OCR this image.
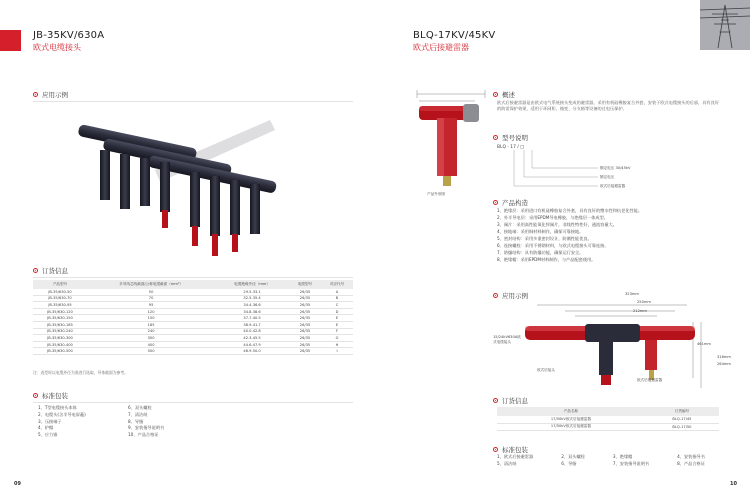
JB-35KV/630A
欧式电缆接头
应用示例
订货信息
产品型号	多导线芯线截面/公称电缆截面（mm²）	电缆绝缘外径（mm）	电缆型号	对应代号
JB-35/630-50	50	29.5-33.1	26/35	A
JB-35/630-70	70	32.5-35.4	26/35	B
JB-35/630-95	95	34.4-36.6	26/35	C
JB-35/630-120	120	34.8-38.6	26/35	D
JB-35/630-150	150	37.7-40.5	26/35	E
JB-35/630-185	185	38.9-41.7	26/35	E
JB-35/630-240	240	40.0-42.8	26/35	F
JB-35/630-300	300	42.3-45.5	26/35	G
JB-35/630-400	400	44.6-47.9	26/35	H
JB-35/630-500	500	46.9-50.0	26/35	I
注：选型时以电缆外径为准进行选取，导体截面为参考。
标准包装
1、T型电缆接头本体
2、电缆头(含半导电屏蔽)
3、压接端子
4、护帽
5、应力锥
6、双头螺栓
7、清洁纸
8、导脂
9、安装指导说明书
10、产品合格证
09
BLQ-17KV/45KV
欧式后接避雷器
产品外形图
概述
欧式后接避雷器是由欧式电气系统接头变成的避雷器，采用有机硅橡胶复合外套，安装于欧式电缆接头的后部，具有良好的防雷保护效果，适用于环网柜、箱变、分支箱等设备的过电压保护。
型号说明
BLQ - 17 / □
额定电压 30/45kV
额定电压
欧式后接避雷器
产品构造
1、绝缘层：采用进口有机硅橡胶复合外套，具有良好的憎水性和抗老化性能。
2、外半导电层：采用EPDM导电橡胶，与绝缘层一体成型。
3、阀片：采用高性能氧化锌阀片，非线性特性好，通流容量大。
4、接地端：采用铜材料制作，确保可靠接地。
5、密封结构：采用多重密封设计，防潮性能优良。
6、连接螺栓：采用不锈钢材料，与欧式电缆接头可靠连接。
7、防爆结构：具有防爆功能，确保运行安全。
8、绝缘帽：采用EPDM材料制作，与产品配套使用。
应用示例
461mm
323mm
250mm
212mm
316mm
264mm
15/24kV630A欧式电缆接头
欧式后接头
欧式后接避雷器
订货信息
产品名称	订货编号
17/50kV欧式后接避雷器	BLQ-17/45
17/50kV欧式后接避雷器	BLQ-17/50
标准包装
1、欧式后接避雷器	2、双头螺栓	3、绝缘帽	4、安装指导书
5、清洁纸	6、导脂	7、安装指导说明书	8、产品合格证
10
